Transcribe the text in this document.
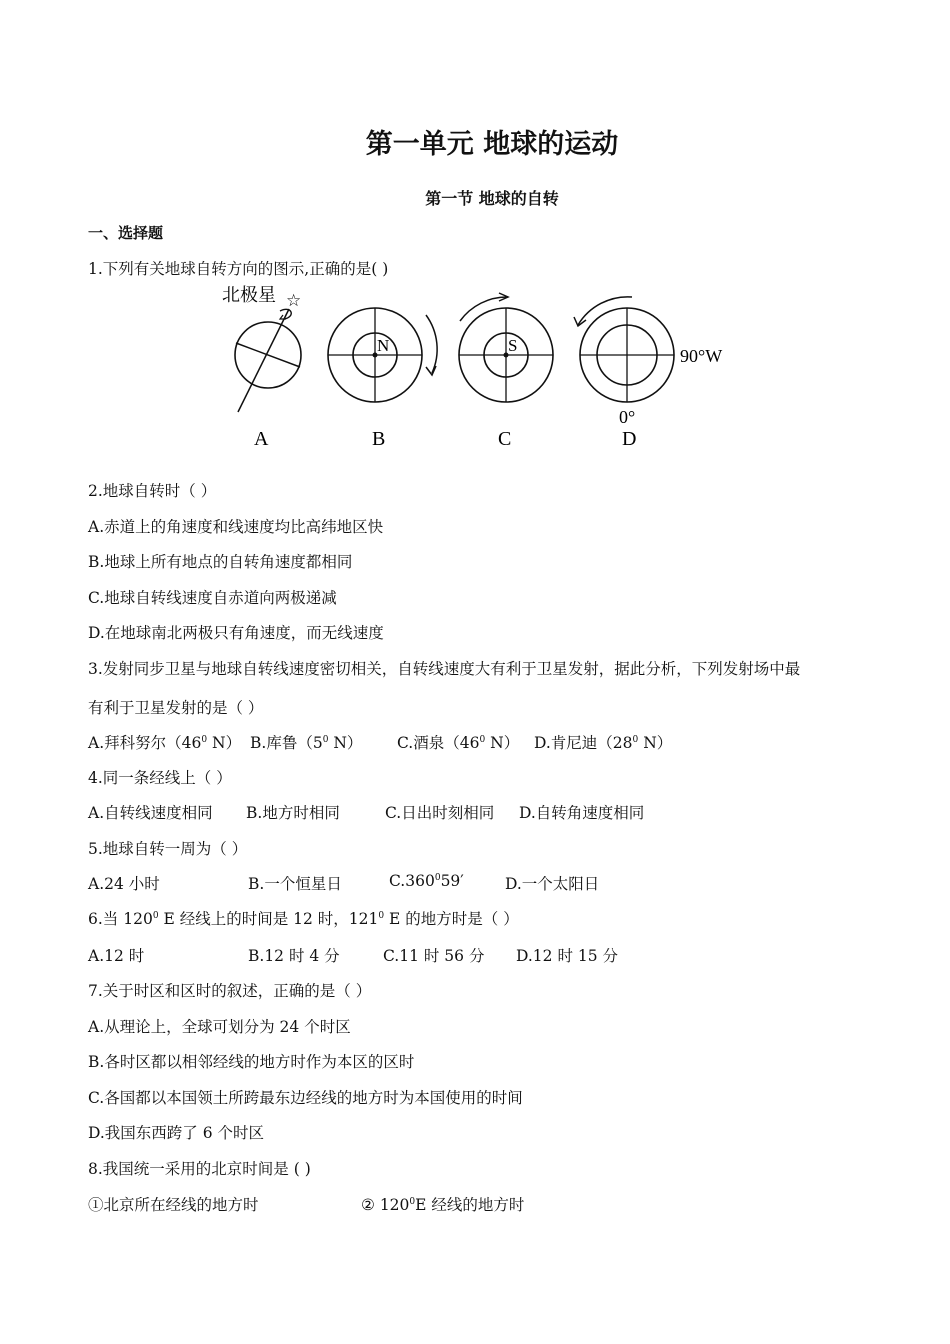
第一单元 地球的运动
第一节 地球的自转
一、选择题
1.下列有关地球自转方向的图示,正确的是( )
北极星 ☆
N	S
90°W
0°
A	B	C	D
2.地球自转时（ ）
A.赤道上的角速度和线速度均比高纬地区快
B.地球上所有地点的自转角速度都相同
C.地球自转线速度自赤道向两极递减
D.在地球南北两极只有角速度，而无线速度
3.发射同步卫星与地球自转线速度密切相关，自转线速度大有利于卫星发射，据此分析，下列发射场中最
有利于卫星发射的是（ ）
A.拜科努尔（$46^0$ N） B.库鲁（$5^0$ N） C.酒泉（$46^0$ N） D.肯尼迪（$28^0$ N）
4.同一条经线上（ ）
A.自转线速度相同 B.地方时相同	C.日出时刻相同 D.自转角速度相同
5.地球自转一周为（ ）
A.24 小时	B.一个恒星日	C.360$^0$59′	D.一个太阳日
6.当 $120^0$ E 经线上的时间是 12 时，$121^0$ E 的地方时是（ ）
A.12 时	B.12 时 4 分	C.11 时 56 分 D.12 时 15 分
7.关于时区和区时的叙述，正确的是（ ）
A.从理论上，全球可划分为 24 个时区
B.各时区都以相邻经线的地方时作为本区的区时
C.各国都以本国领土所跨最东边经线的地方时为本国使用的时间
D.我国东西跨了 6 个时区
8.我国统一采用的北京时间是 ( )
①北京所在经线的地方时	② $120^0E$ 经线的地方时
